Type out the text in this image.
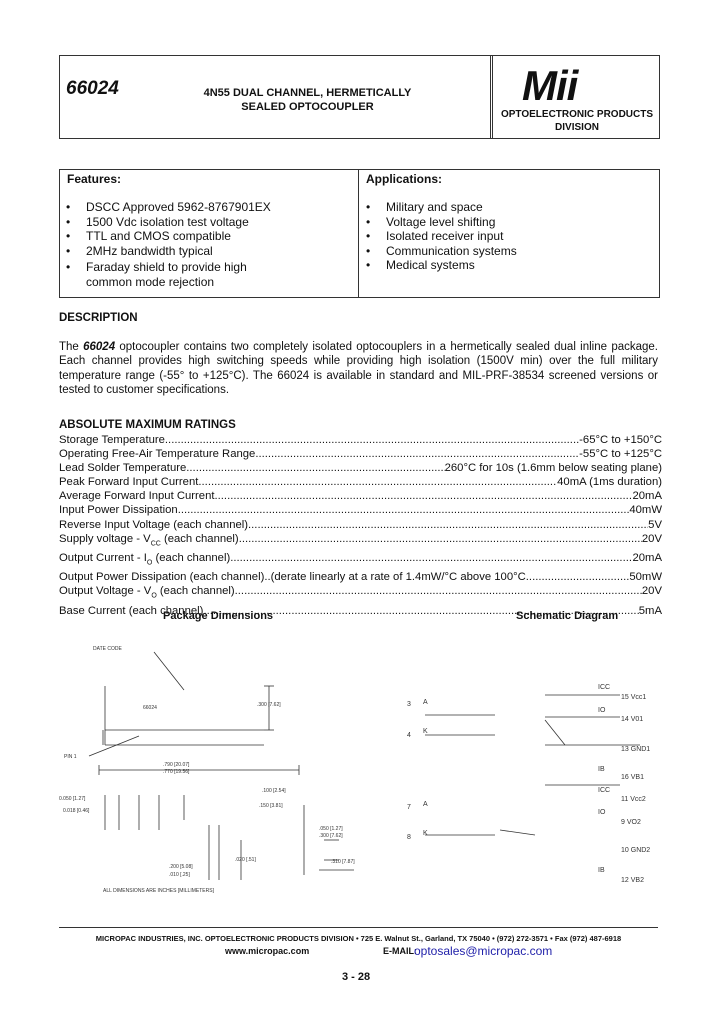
66024	4N55 DUAL CHANNEL, HERMETICALLY
SEALED OPTOCOUPLER	Mii
OPTOELECTRONIC PRODUCTS
DIVISION
Features:
• DSCC Approved 5962-8767901EX
• 1500 Vdc isolation test voltage
• TTL and CMOS compatible
• 2MHz bandwidth typical
• Faraday shield to provide high
common mode rejection
Applications:
• Military and space
• Voltage level shifting
• Isolated receiver input
• Communication systems
• Medical systems
DESCRIPTION
The 66024 optocoupler contains two completely isolated optocouplers in a hermetically sealed dual inline package. Each channel provides high switching speeds while providing high isolation (1500V min) over the full military temperature range (-55° to +125°C). The 66024 is available in standard and MIL-PRF-38534 screened versions or tested to customer specifications.
ABSOLUTE MAXIMUM RATINGS
Storage Temperature .....	-65°C to +150°C
Operating Free-Air Temperature Range .....	-55°C to +125°C
Lead Solder Temperature .....	260°C for 10s (1.6mm below seating plane)
Peak Forward Input Current .....	40mA (1ms duration)
Average Forward Input Current .....	20mA
Input Power Dissipation .....	40mW
Reverse Input Voltage (each channel) .....	5V
Supply voltage - $V_{CC}$ (each channel) .....	20V
Output Current - $I_O$ (each channel) .....	20mA
Output Power Dissipation (each channel)..(derate linearly at a rate of 1.4mW/°C above 100°C .....	50mW
Output Voltage - $V_O$ (each channel) .....	20V
Base Current (each channel) .....	5mA
Package Dimensions	Schematic Diagram
DATE CODE
66024
PIN 1
.300 [7.62]
.790 [20.07]
.770 [19.56]
.100 [2.54]
0.050 [1.27]
0.018 [0.46]
.150 [3.81]
.050 [1.27]
.300 [7.62]
.310 [7.87]
.200 [5.08]
.010 [.25]
.020 [.51]
ALL DIMENSIONS ARE INCHES [MILLIMETERS]
3 A
4
K
7 A
8
K
ICC
IO
IB
ICC
IO
IB
15 Vcc1
14 V01
13 GND1
16 VB1
11 Vcc2
9 VO2
10 GND2
12 VB2
MICROPAC INDUSTRIES, INC. OPTOELECTRONIC PRODUCTS DIVISION • 725 E. Walnut St., Garland, TX 75040 • (972) 272-3571 • Fax (972) 487-6918
www.micropac.com	E-MAIL:
optosales@micropac.com
3 - 28
